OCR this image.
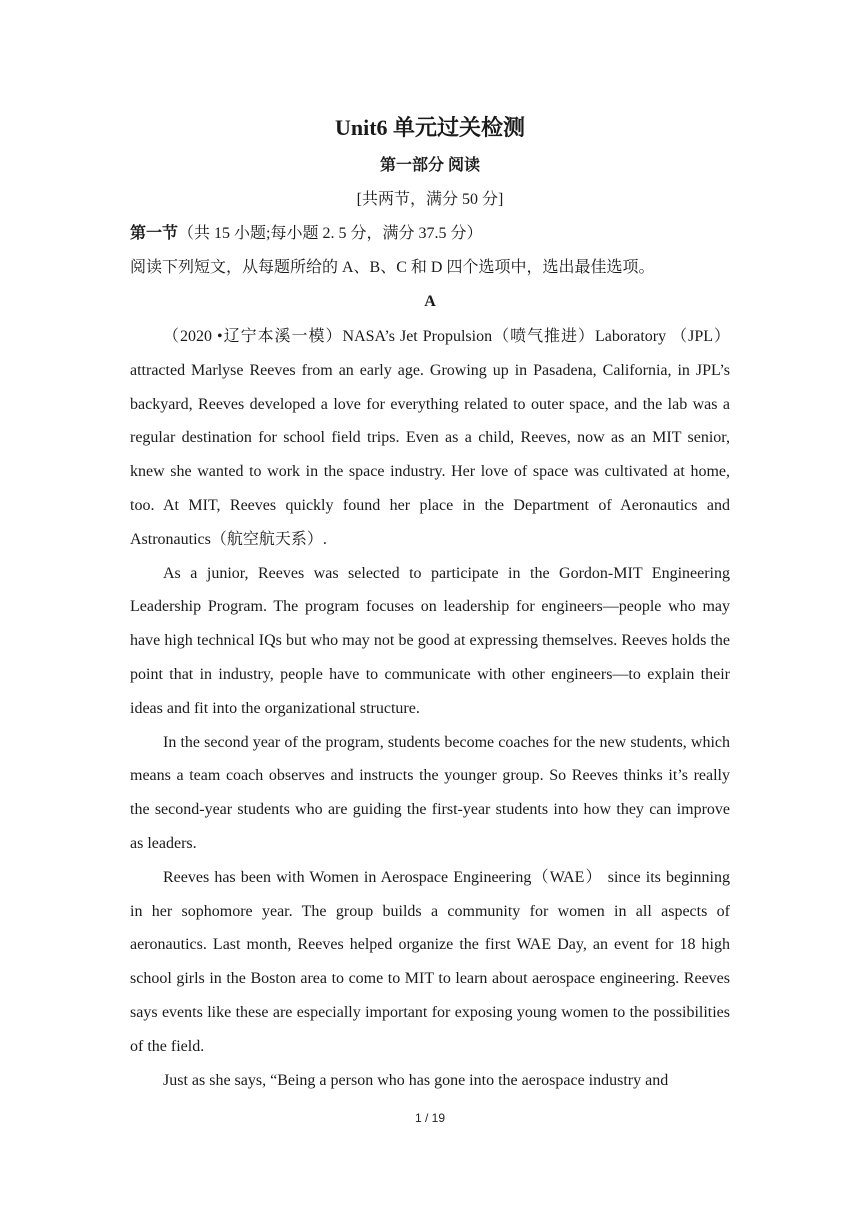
Unit6 单元过关检测
第一部分 阅读
[共两节，满分 50 分]
第一节（共 15 小题;每小题 2. 5 分，满分 37.5 分）
阅读下列短文，从每题所给的 A、B、C 和 D 四个选项中，选出最佳选项。
A

（2020 •辽宁本溪一模）NASA’s Jet Propulsion（喷气推进）Laboratory （JPL） attracted Marlyse Reeves from an early age. Growing up in Pasadena, California, in JPL’s backyard, Reeves developed a love for everything related to outer space, and the lab was a regular destination for school field trips. Even as a child, Reeves, now as an MIT senior, knew she wanted to work in the space industry. Her love of space was cultivated at home, too. At MIT, Reeves quickly found her place in the Department of Aeronautics and Astronautics（航空航天系）.

As a junior, Reeves was selected to participate in the Gordon-MIT Engineering Leadership Program. The program focuses on leadership for engineers—people who may have high technical IQs but who may not be good at expressing themselves. Reeves holds the point that in industry, people have to communicate with other engineers—to explain their ideas and fit into the organizational structure.

In the second year of the program, students become coaches for the new students, which means a team coach observes and instructs the younger group. So Reeves thinks it’s really the second-year students who are guiding the first-year students into how they can improve as leaders.

Reeves has been with Women in Aerospace Engineering（WAE） since its beginning in her sophomore year. The group builds a community for women in all aspects of aeronautics. Last month, Reeves helped organize the first WAE Day, an event for 18 high school girls in the Boston area to come to MIT to learn about aerospace engineering. Reeves says events like these are especially important for exposing young women to the possibilities of the field.

Just as she says, “Being a person who has gone into the aerospace industry and

1 / 19
